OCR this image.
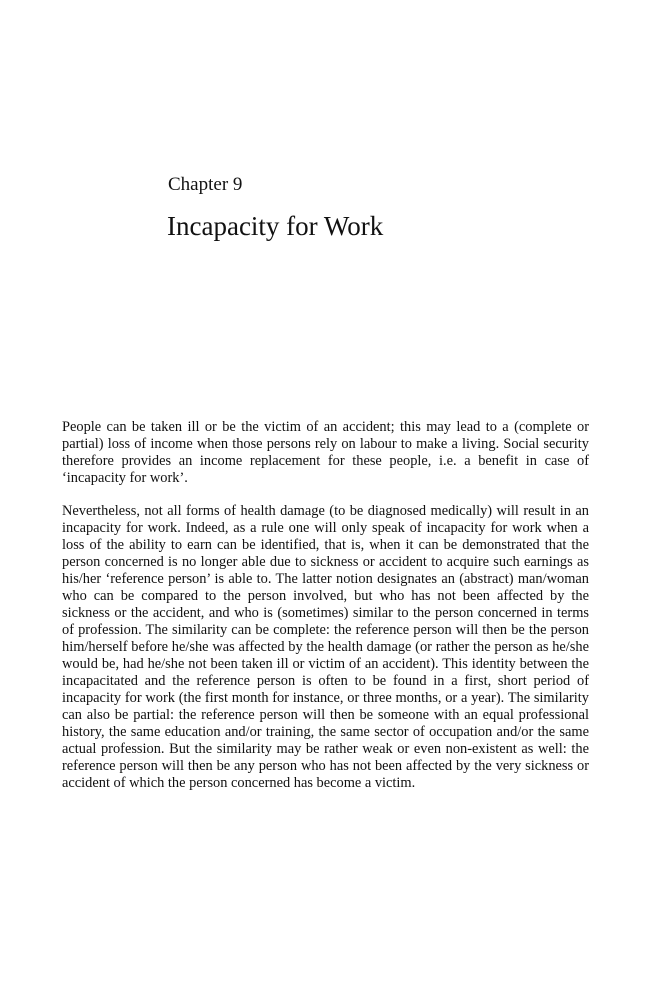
Chapter 9
Incapacity for Work

People can be taken ill or be the victim of an accident; this may lead to a (complete or partial) loss of income when those persons rely on labour to make a living. Social security therefore provides an income replacement for these people, i.e. a benefit in case of ‘incapacity for work’.

Nevertheless, not all forms of health damage (to be diagnosed medically) will result in an incapacity for work. Indeed, as a rule one will only speak of incapacity for work when a loss of the ability to earn can be identified, that is, when it can be demonstrated that the person concerned is no longer able due to sickness or accident to acquire such earnings as his/her ‘reference person’ is able to. The latter notion designates an (abstract) man/woman who can be compared to the person involved, but who has not been affected by the sickness or the accident, and who is (sometimes) similar to the person concerned in terms of profession. The similarity can be complete: the reference person will then be the person him/herself before he/she was affected by the health damage (or rather the person as he/she would be, had he/she not been taken ill or victim of an accident). This identity between the incapacitated and the reference person is often to be found in a first, short period of incapacity for work (the first month for instance, or three months, or a year). The similarity can also be partial: the reference person will then be someone with an equal professional history, the same education and/or training, the same sector of occupation and/or the same actual profession. But the similarity may be rather weak or even non-existent as well: the reference person will then be any person who has not been affected by the very sickness or accident of which the person concerned has become a victim.
